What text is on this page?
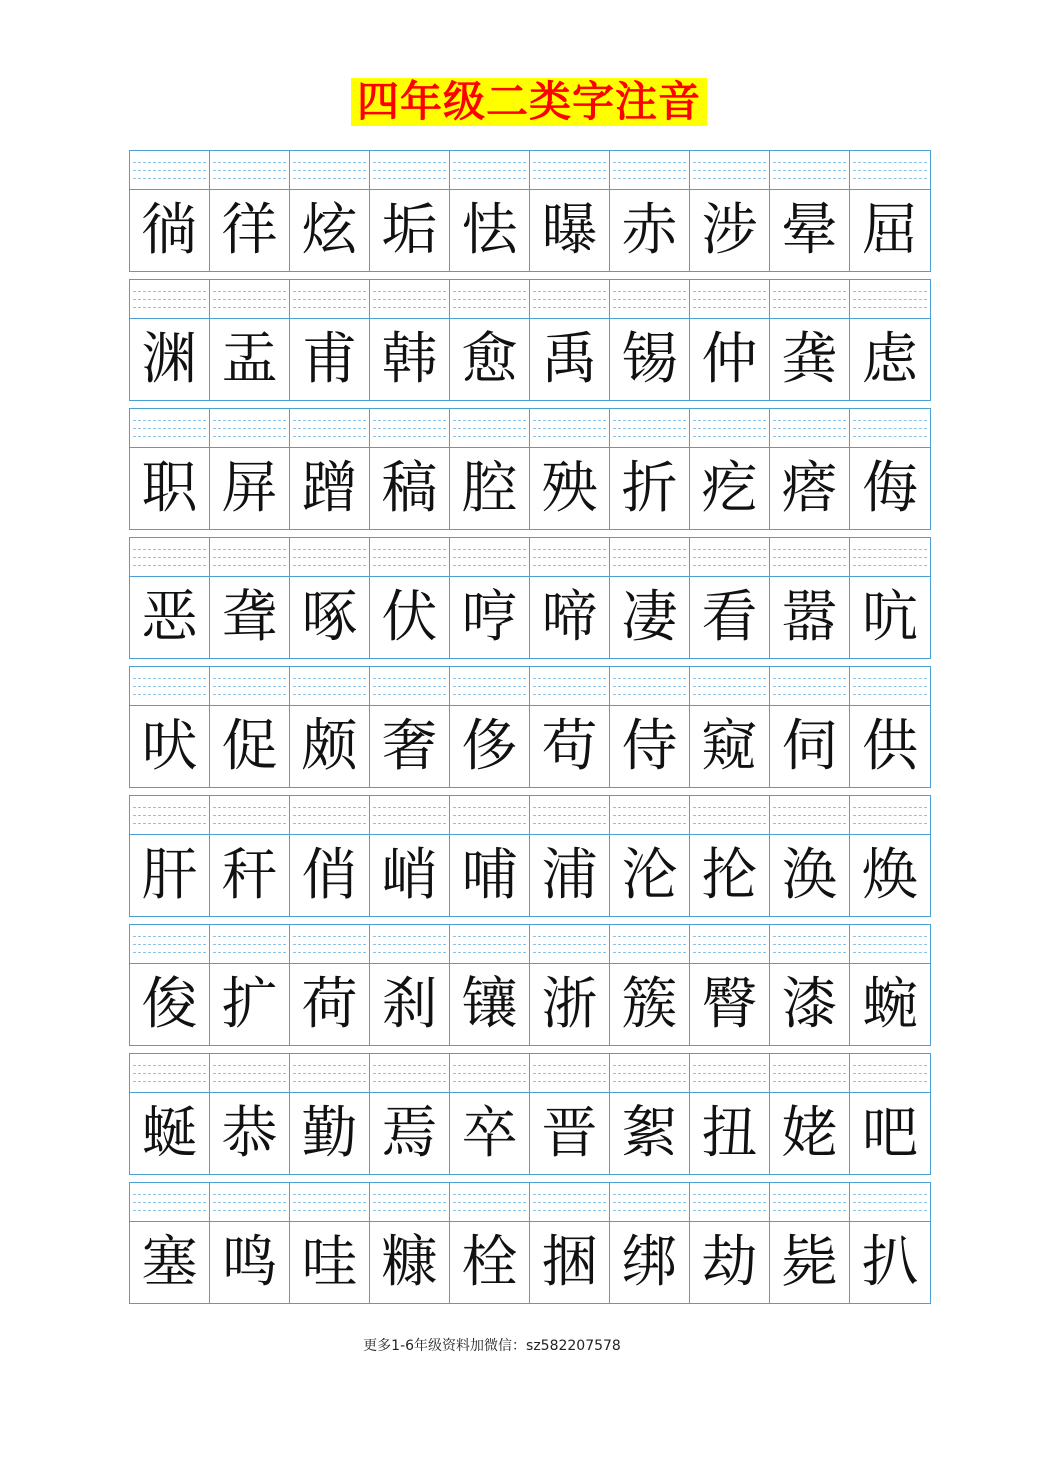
四年级二类字注音
徜 徉 炫 垢 怯 曝 赤 涉 晕 屈
渊 盂 甫 韩 愈 禹 锡 仲 龚 虑
职 屏 蹭 稿 腔 殃 折 疙 瘩 侮
恶 聋 啄 伏 哼 啼 凄 看 嚣 吭
吠 促 颇 奢 侈 苟 侍 窥 伺 供
肝 秆 俏 峭 哺 浦 沦 抡 涣 焕
俊 扩 荷 刹 镶 浙 簇 臀 漆 蜿
蜒 恭 勤 焉 卒 晋 絮 扭 姥 吧
塞 鸣 哇 糠 栓 捆 绑 劫 毙 扒
更多1-6年级资料加微信：sz582207578
